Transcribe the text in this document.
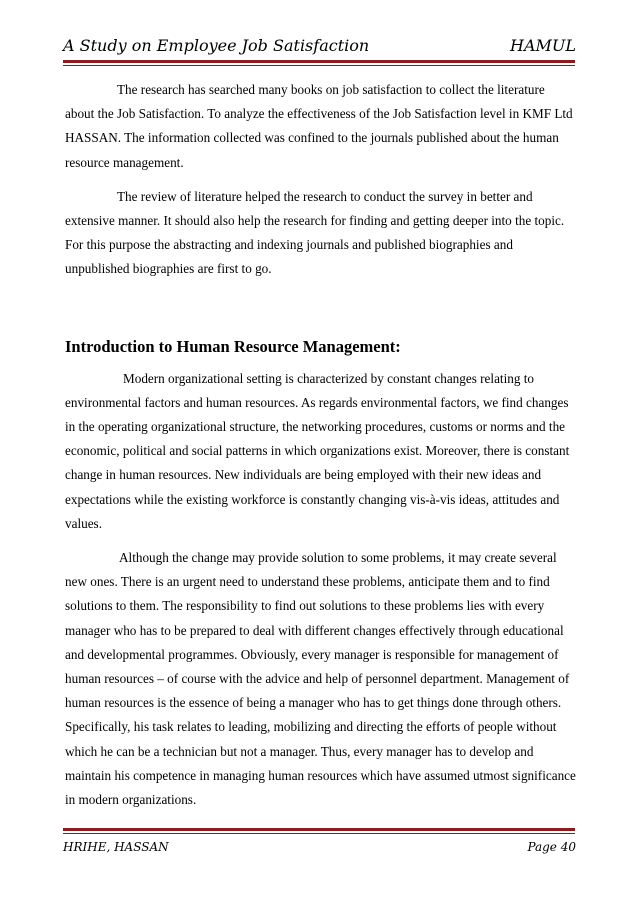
A Study on Employee Job Satisfaction	HAMUL

The research has searched many books on job satisfaction to collect the literature about the Job Satisfaction. To analyze the effectiveness of the Job Satisfaction level in KMF Ltd HASSAN. The information collected was confined to the journals published about the human resource management.

The review of literature helped the research to conduct the survey in better and extensive manner. It should also help the research for finding and getting deeper into the topic. For this purpose the abstracting and indexing journals and published biographies and unpublished biographies are first to go.

Introduction to Human Resource Management:

Modern organizational setting is characterized by constant changes relating to environmental factors and human resources. As regards environmental factors, we find changes in the operating organizational structure, the networking procedures, customs or norms and the economic, political and social patterns in which organizations exist. Moreover, there is constant change in human resources. New individuals are being employed with their new ideas and expectations while the existing workforce is constantly changing vis-à-vis ideas, attitudes and values.

Although the change may provide solution to some problems, it may create several new ones. There is an urgent need to understand these problems, anticipate them and to find solutions to them. The responsibility to find out solutions to these problems lies with every manager who has to be prepared to deal with different changes effectively through educational and developmental programmes. Obviously, every manager is responsible for management of human resources – of course with the advice and help of personnel department. Management of human resources is the essence of being a manager who has to get things done through others. Specifically, his task relates to leading, mobilizing and directing the efforts of people without which he can be a technician but not a manager. Thus, every manager has to develop and maintain his competence in managing human resources which have assumed utmost significance in modern organizations.

HRIHE, HASSAN	Page 40
